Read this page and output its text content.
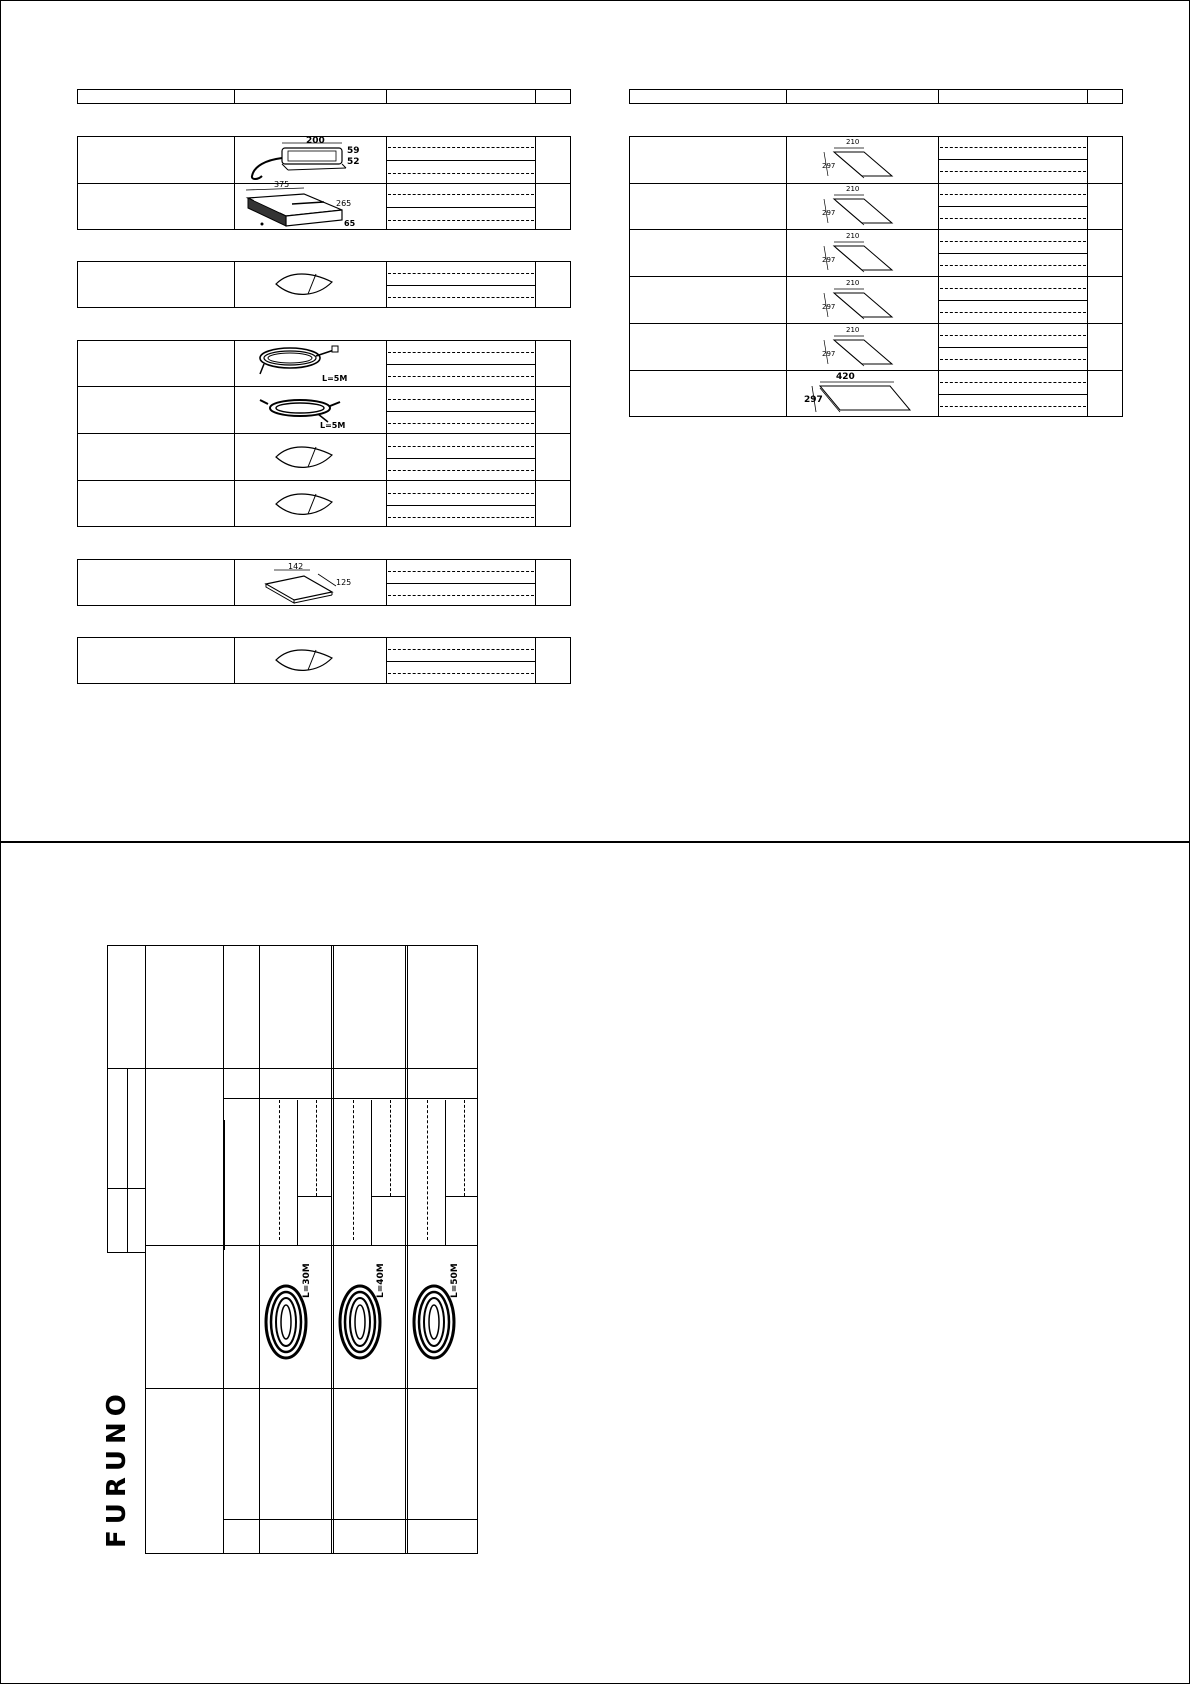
200
59
52
375
265
65
L=5M
L=5M
142
125
210
297
210
297
210
297
210
297
210
297
420
297
L=30M	L=40M	L=50M
FURUNO
